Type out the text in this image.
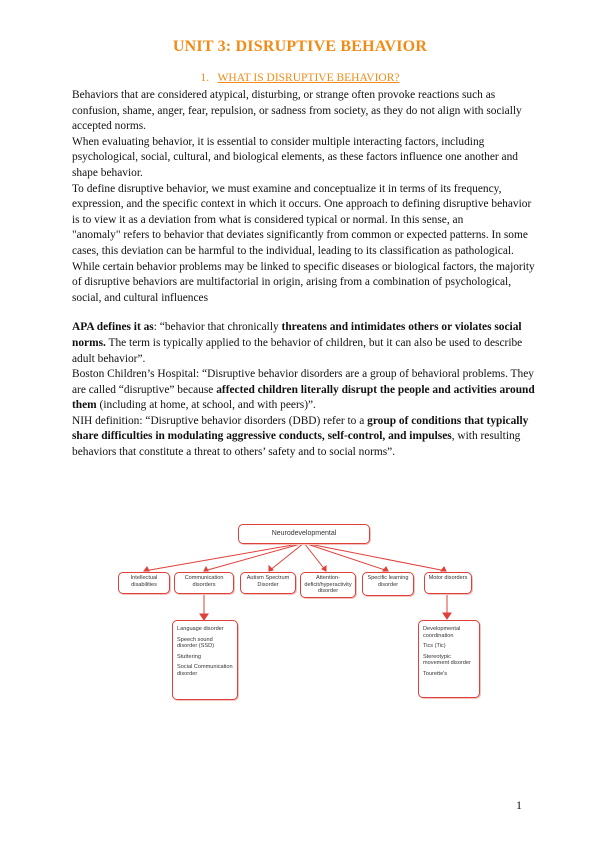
UNIT 3: DISRUPTIVE BEHAVIOR
1. WHAT IS DISRUPTIVE BEHAVIOR?

Behaviors that are considered atypical, disturbing, or strange often provoke reactions such as confusion, shame, anger, fear, repulsion, or sadness from society, as they do not align with socially accepted norms.

When evaluating behavior, it is essential to consider multiple interacting factors, including psychological, social, cultural, and biological elements, as these factors influence one another and shape behavior.

To define disruptive behavior, we must examine and conceptualize it in terms of its frequency, expression, and the specific context in which it occurs. One approach to defining disruptive behavior is to view it as a deviation from what is considered typical or normal. In this sense, an

"anomaly" refers to behavior that deviates significantly from common or expected patterns. In some cases, this deviation can be harmful to the individual, leading to its classification as pathological.

While certain behavior problems may be linked to specific diseases or biological factors, the majority of disruptive behaviors are multifactorial in origin, arising from a combination of psychological, social, and cultural influences

APA defines it as: “behavior that chronically threatens and intimidates others or violates social norms. The term is typically applied to the behavior of children, but it can also be used to describe adult behavior”.

Boston Children’s Hospital: “Disruptive behavior disorders are a group of behavioral problems. They are called “disruptive” because affected children literally disrupt the people and activities around them (including at home, at school, and with peers)”.

NIH definition: “Disruptive behavior disorders (DBD) refer to a group of conditions that typically share difficulties in modulating aggressive conducts, self-control, and impulses, with resulting behaviors that constitute a threat to others’ safety and to social norms”.

Neurodevelopmental
Intellectual disabilities
Communication disorders
Autism Spectrum Disorder
Attention-deficit/hyperactivity disorder
Specific learning disorder
Motor disorders
Language disorder
Speech sound disorder (SSD)
Stuttering
Social Communication disorder
Developmental coordination
Tics (Tic)
Stereotypic movement disorder
Tourette's
1
